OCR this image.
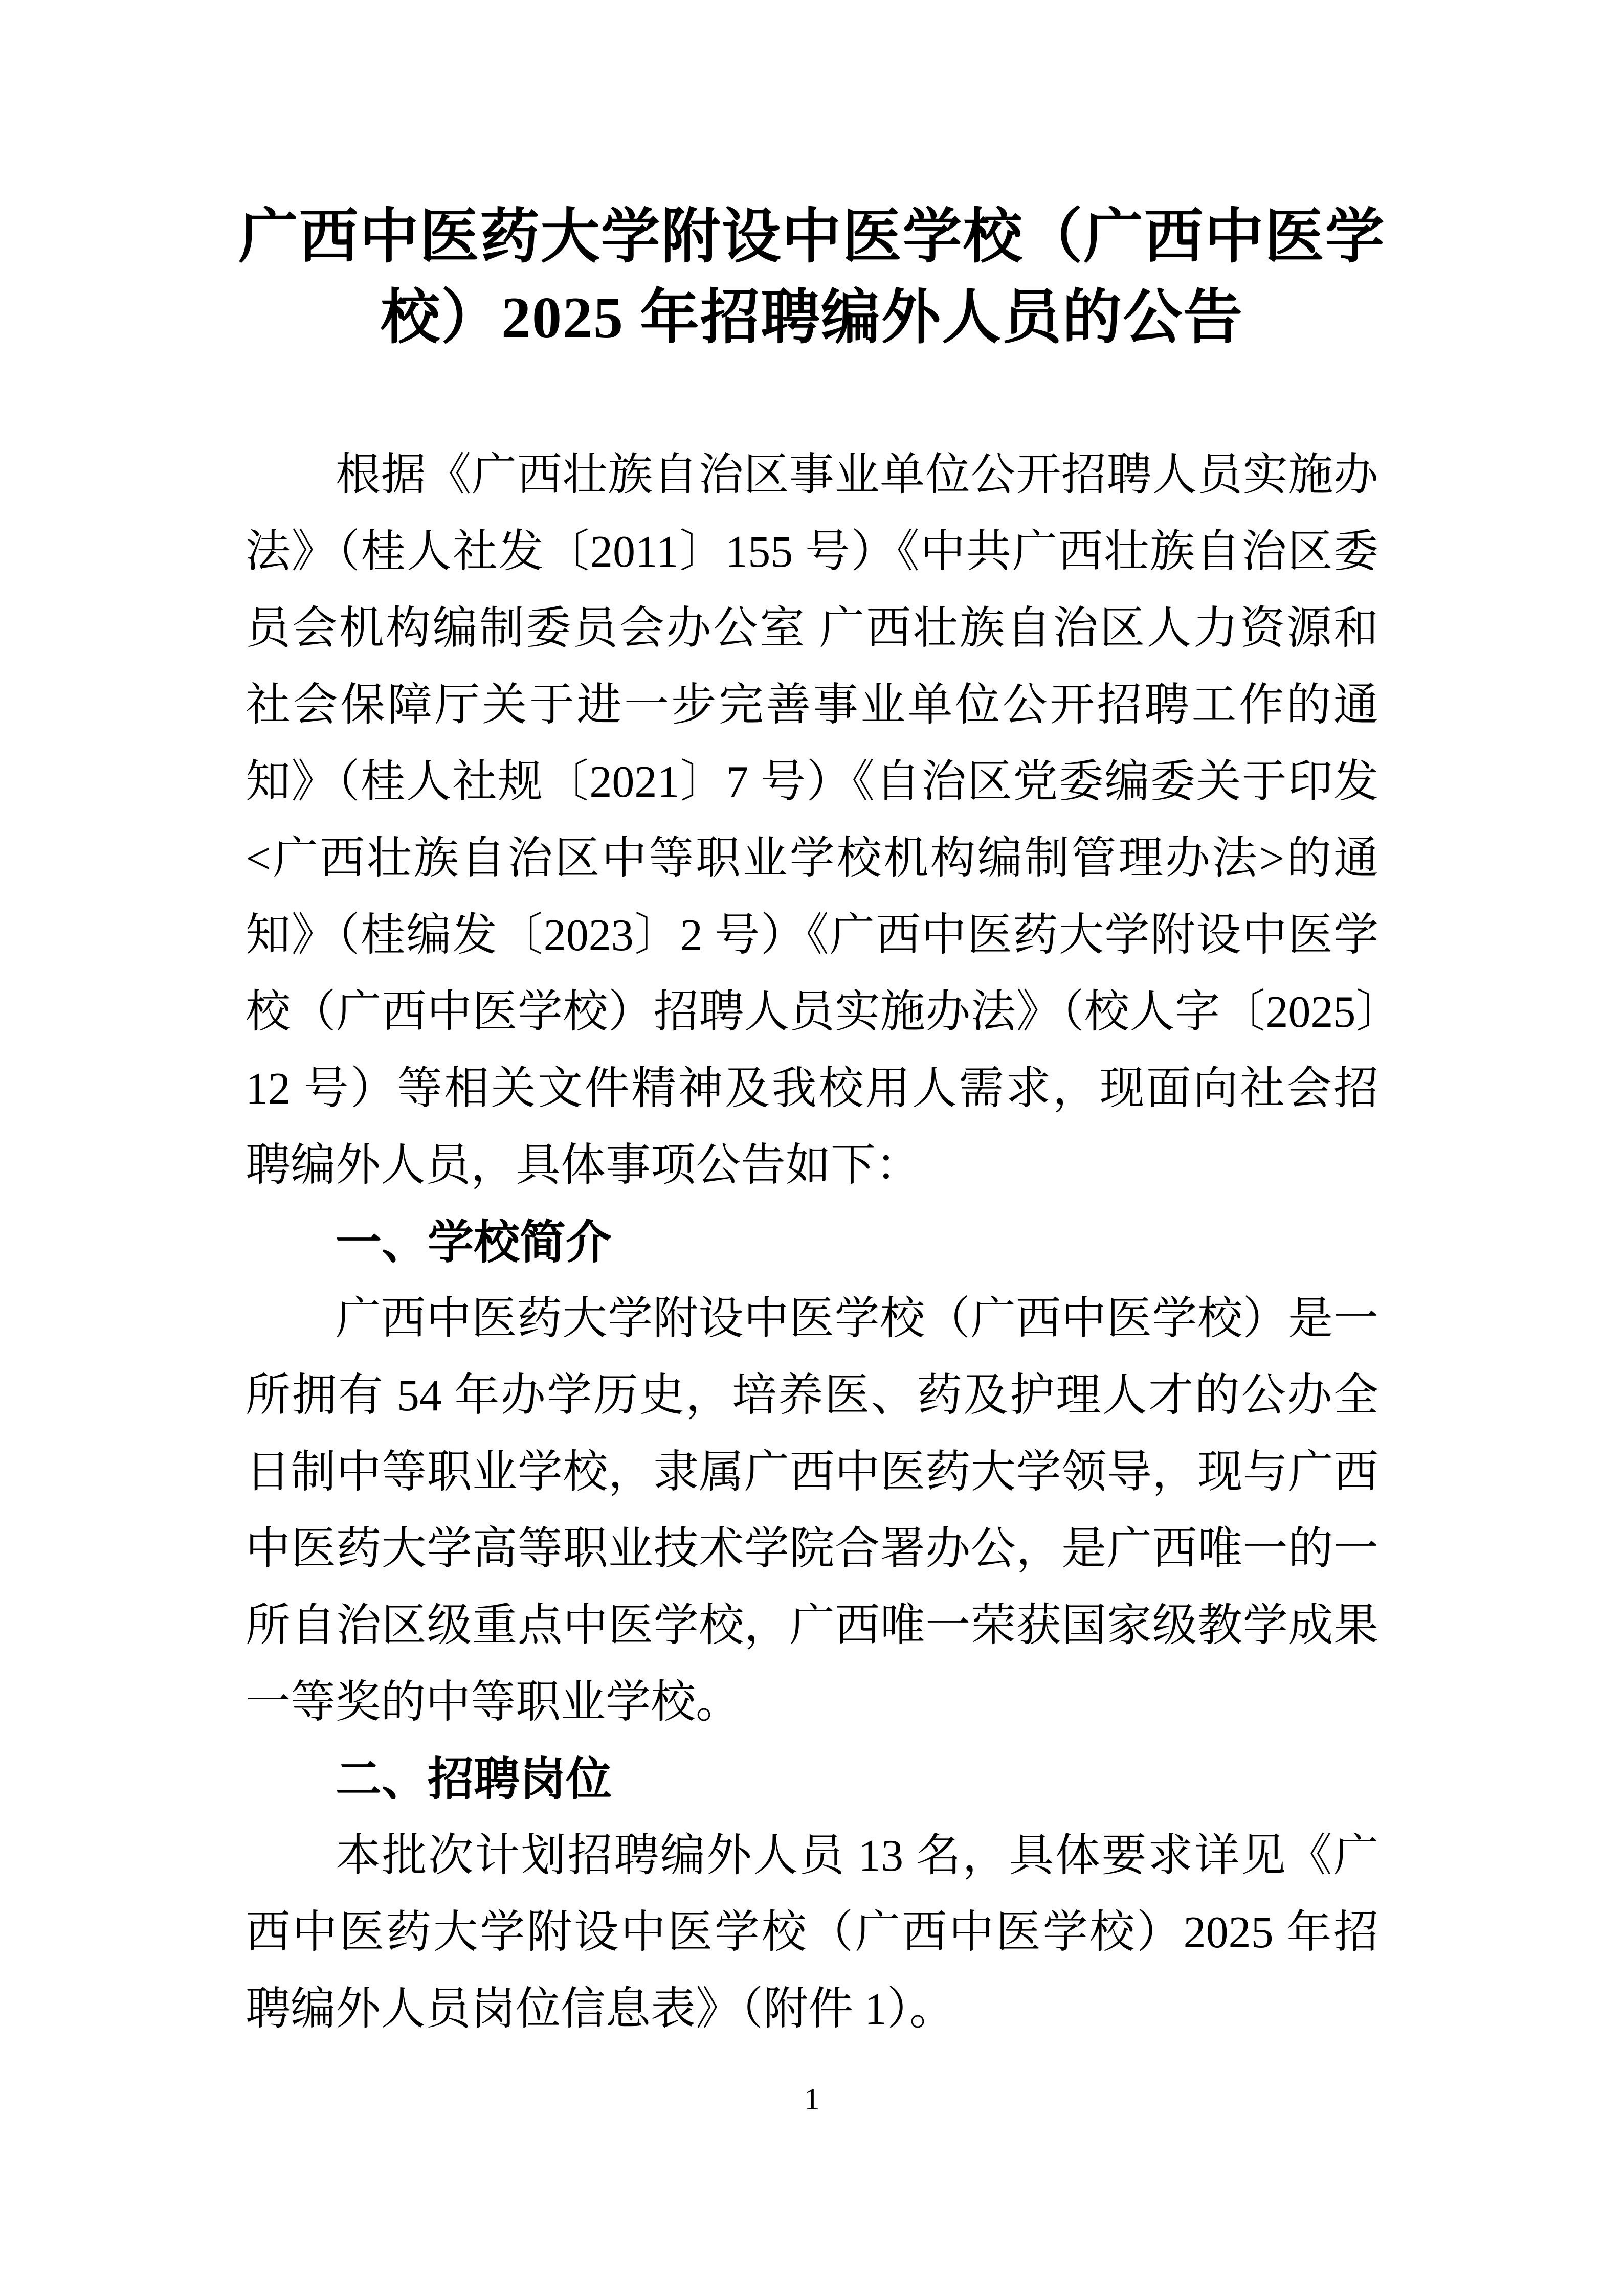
广西中医药大学附设中医学校（广西中医学校）2025 年招聘编外人员的公告

根据《广西壮族自治区事业单位公开招聘人员实施办法》（桂人社发〔2011〕155 号）《中共广西壮族自治区委员会机构编制委员会办公室 广西壮族自治区人力资源和社会保障厅关于进一步完善事业单位公开招聘工作的通知》（桂人社规〔2021〕7 号）《自治区党委编委关于印发<广西壮族自治区中等职业学校机构编制管理办法>的通知》（桂编发〔2023〕2 号）《广西中医药大学附设中医学校（广西中医学校）招聘人员实施办法》（校人字〔2025〕12 号）等相关文件精神及我校用人需求，现面向社会招聘编外人员，具体事项公告如下：

一、学校简介

广西中医药大学附设中医学校（广西中医学校）是一所拥有 54 年办学历史，培养医、药及护理人才的公办全日制中等职业学校，隶属广西中医药大学领导，现与广西中医药大学高等职业技术学院合署办公，是广西唯一的一所自治区级重点中医学校，广西唯一荣获国家级教学成果一等奖的中等职业学校。

二、招聘岗位

本批次计划招聘编外人员 13 名，具体要求详见《广西中医药大学附设中医学校（广西中医学校）2025 年招聘编外人员岗位信息表》（附件 1）。

1
